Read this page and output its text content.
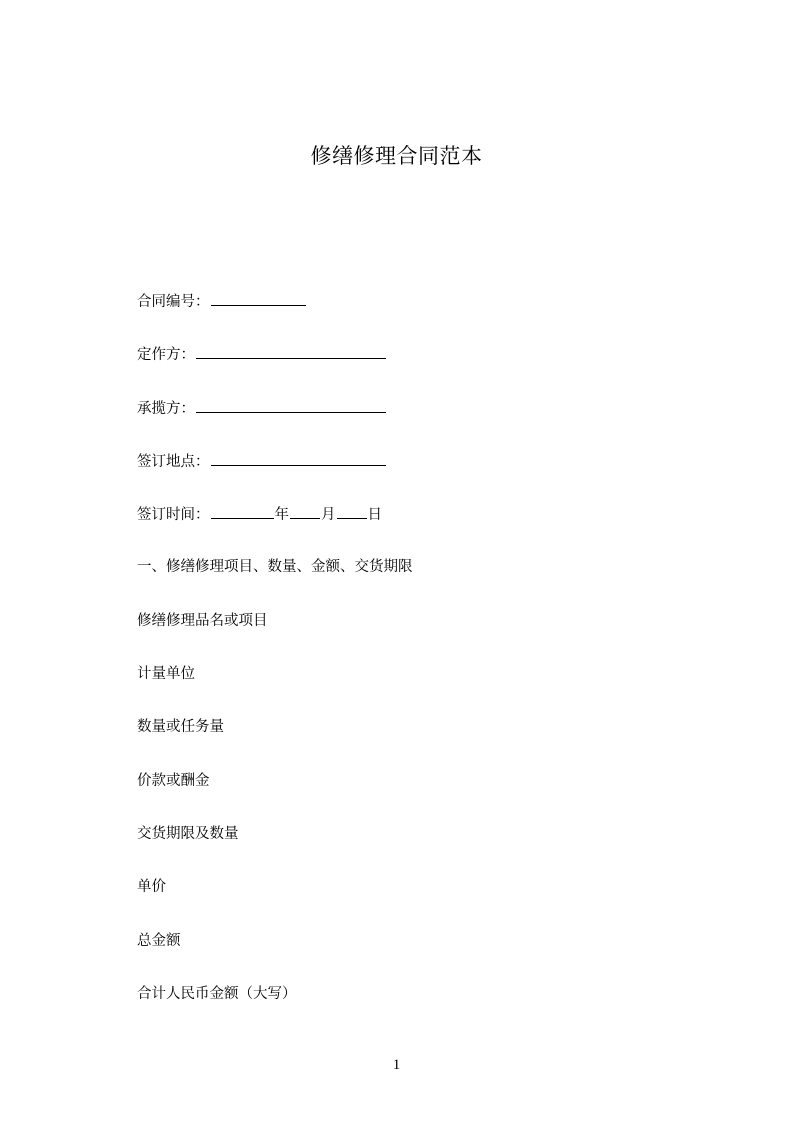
修缮修理合同范本
合同编号：
定作方：
承揽方：
签订地点：
签订时间：	年 月 日
一、修缮修理项目、数量、金额、交货期限
修缮修理品名或项目
计量单位
数量或任务量
价款或酬金
交货期限及数量
单价
总金额
合计人民币金额（大写）
1
